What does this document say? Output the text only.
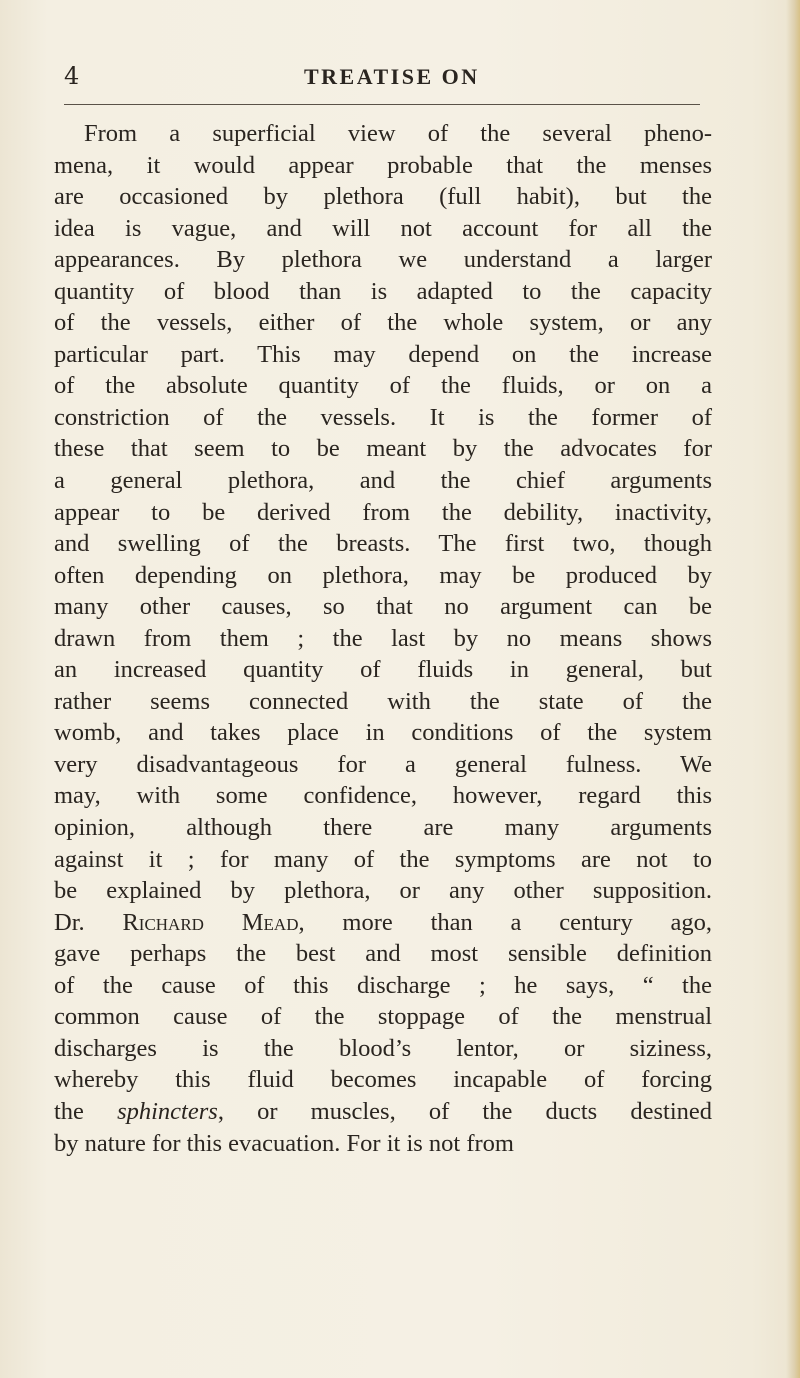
4	TREATISE ON
From a superficial view of the several pheno-
mena, it would appear probable that the menses
are occasioned by plethora (full habit), but the
idea is vague, and will not account for all the
appearances. By plethora we understand a larger
quantity of blood than is adapted to the capacity
of the vessels, either of the whole system, or any
particular part. This may depend on the increase
of the absolute quantity of the fluids, or on a
constriction of the vessels. It is the former of
these that seem to be meant by the advocates for
a general plethora, and the chief arguments
appear to be derived from the debility, inactivity,
and swelling of the breasts. The first two, though
often depending on plethora, may be produced by
many other causes, so that no argument can be
drawn from them ; the last by no means shows
an increased quantity of fluids in general, but
rather seems connected with the state of the
womb, and takes place in conditions of the system
very disadvantageous for a general fulness. We
may, with some confidence, however, regard this
opinion, although there are many arguments
against it ; for many of the symptoms are not to
be explained by plethora, or any other supposition.
Dr. Richard Mead, more than a century ago,
gave perhaps the best and most sensible definition
of the cause of this discharge ; he says, “ the
common cause of the stoppage of the menstrual
discharges is the blood’s lentor, or siziness,
whereby this fluid becomes incapable of forcing
the sphincters, or muscles, of the ducts destined
by nature for this evacuation. For it is not from
